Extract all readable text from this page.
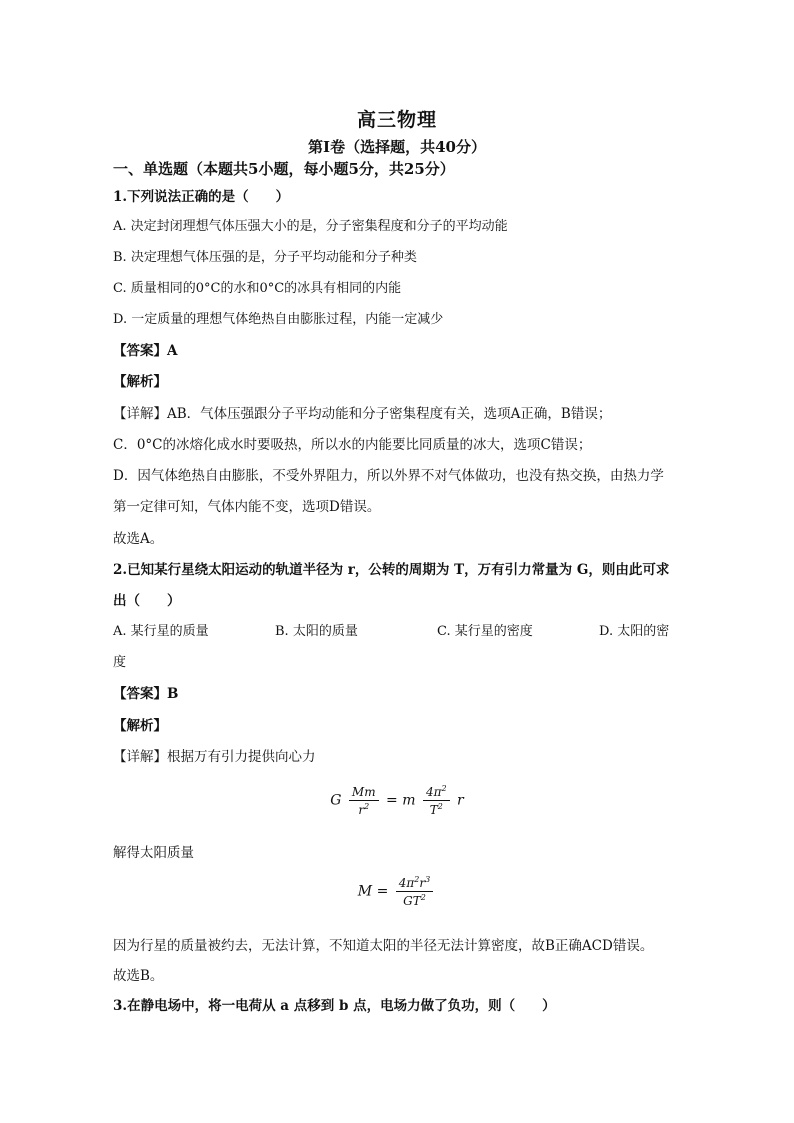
高三物理
第Ⅰ卷（选择题，共40分）
一、单选题（本题共5小题，每小题5分，共25分）
1.下列说法正确的是（　　）
A. 决定封闭理想气体压强大小的是，分子密集程度和分子的平均动能
B. 决定理想气体压强的是，分子平均动能和分子种类
C. 质量相同的0°C的水和0°C的冰具有相同的内能
D. 一定质量的理想气体绝热自由膨胀过程，内能一定减少
【答案】A
【解析】
【详解】AB．气体压强跟分子平均动能和分子密集程度有关，选项A正确，B错误；
C．0°C的冰熔化成水时要吸热，所以水的内能要比同质量的冰大，选项C错误；
D．因气体绝热自由膨胀，不受外界阻力，所以外界不对气体做功，也没有热交换，由热力学
第一定律可知，气体内能不变，选项D错误。
故选A。
2.已知某行星绕太阳运动的轨道半径为 r，公转的周期为 T，万有引力常量为 G，则由此可求
出（　　）
A. 某行星的质量	B. 太阳的质量	C. 某行星的密度	D. 太阳的密
度
【答案】B
【解析】
【详解】根据万有引力提供向心力
G $\frac{Mm}{r^2} = m \frac{4\pi^2}{T^2}$ r
解得太阳质量
$M = \frac{4\pi^2r^3}{GT^2}$
因为行星的质量被约去，无法计算，不知道太阳的半径无法计算密度，故B正确ACD错误。
故选B。
3.在静电场中，将一电荷从 a 点移到 b 点，电场力做了负功，则（　　）
